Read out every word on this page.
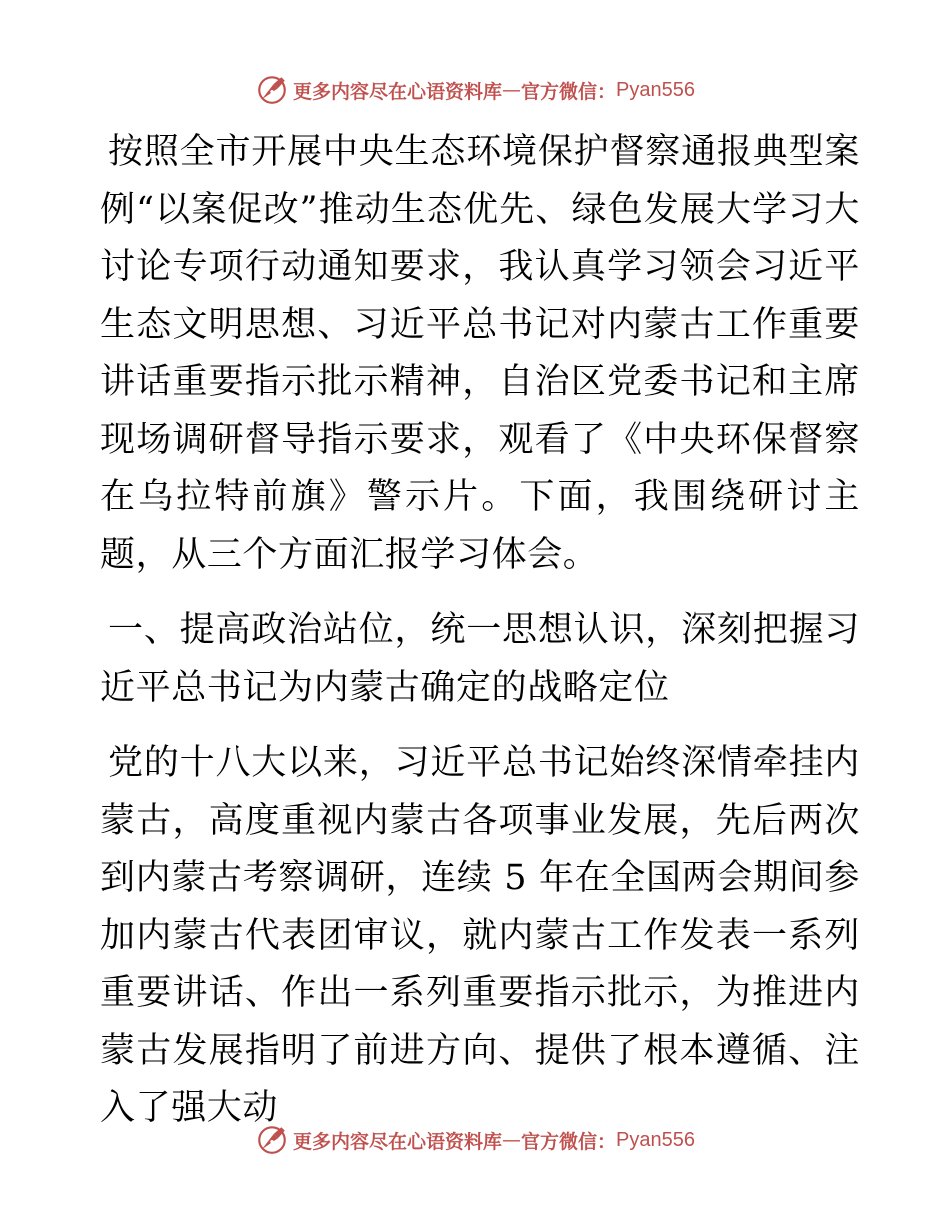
更多内容尽在心语资料库 — 官方微信： Pyan556

按照全市开展中央生态环境保护督察通报典型案例“以案促改”推动生态优先、绿色发展大学习大讨论专项行动通知要求，我认真学习领会习近平生态文明思想、习近平总书记对内蒙古工作重要讲话重要指示批示精神，自治区党委书记和主席现场调研督导指示要求，观看了《中央环保督察在乌拉特前旗》警示片。下面，我围绕研讨主题，从三个方面汇报学习体会。

一、提高政治站位，统一思想认识，深刻把握习近平总书记为内蒙古确定的战略定位

党的十八大以来，习近平总书记始终深情牵挂内蒙古，高度重视内蒙古各项事业发展，先后两次到内蒙古考察调研，连续 5 年在全国两会期间参加内蒙古代表团审议，就内蒙古工作发表一系列重要讲话、作出一系列重要指示批示，为推进内蒙古发展指明了前进方向、提供了根本遵循、注入了强大动

更多内容尽在心语资料库 — 官方微信： Pyan556
